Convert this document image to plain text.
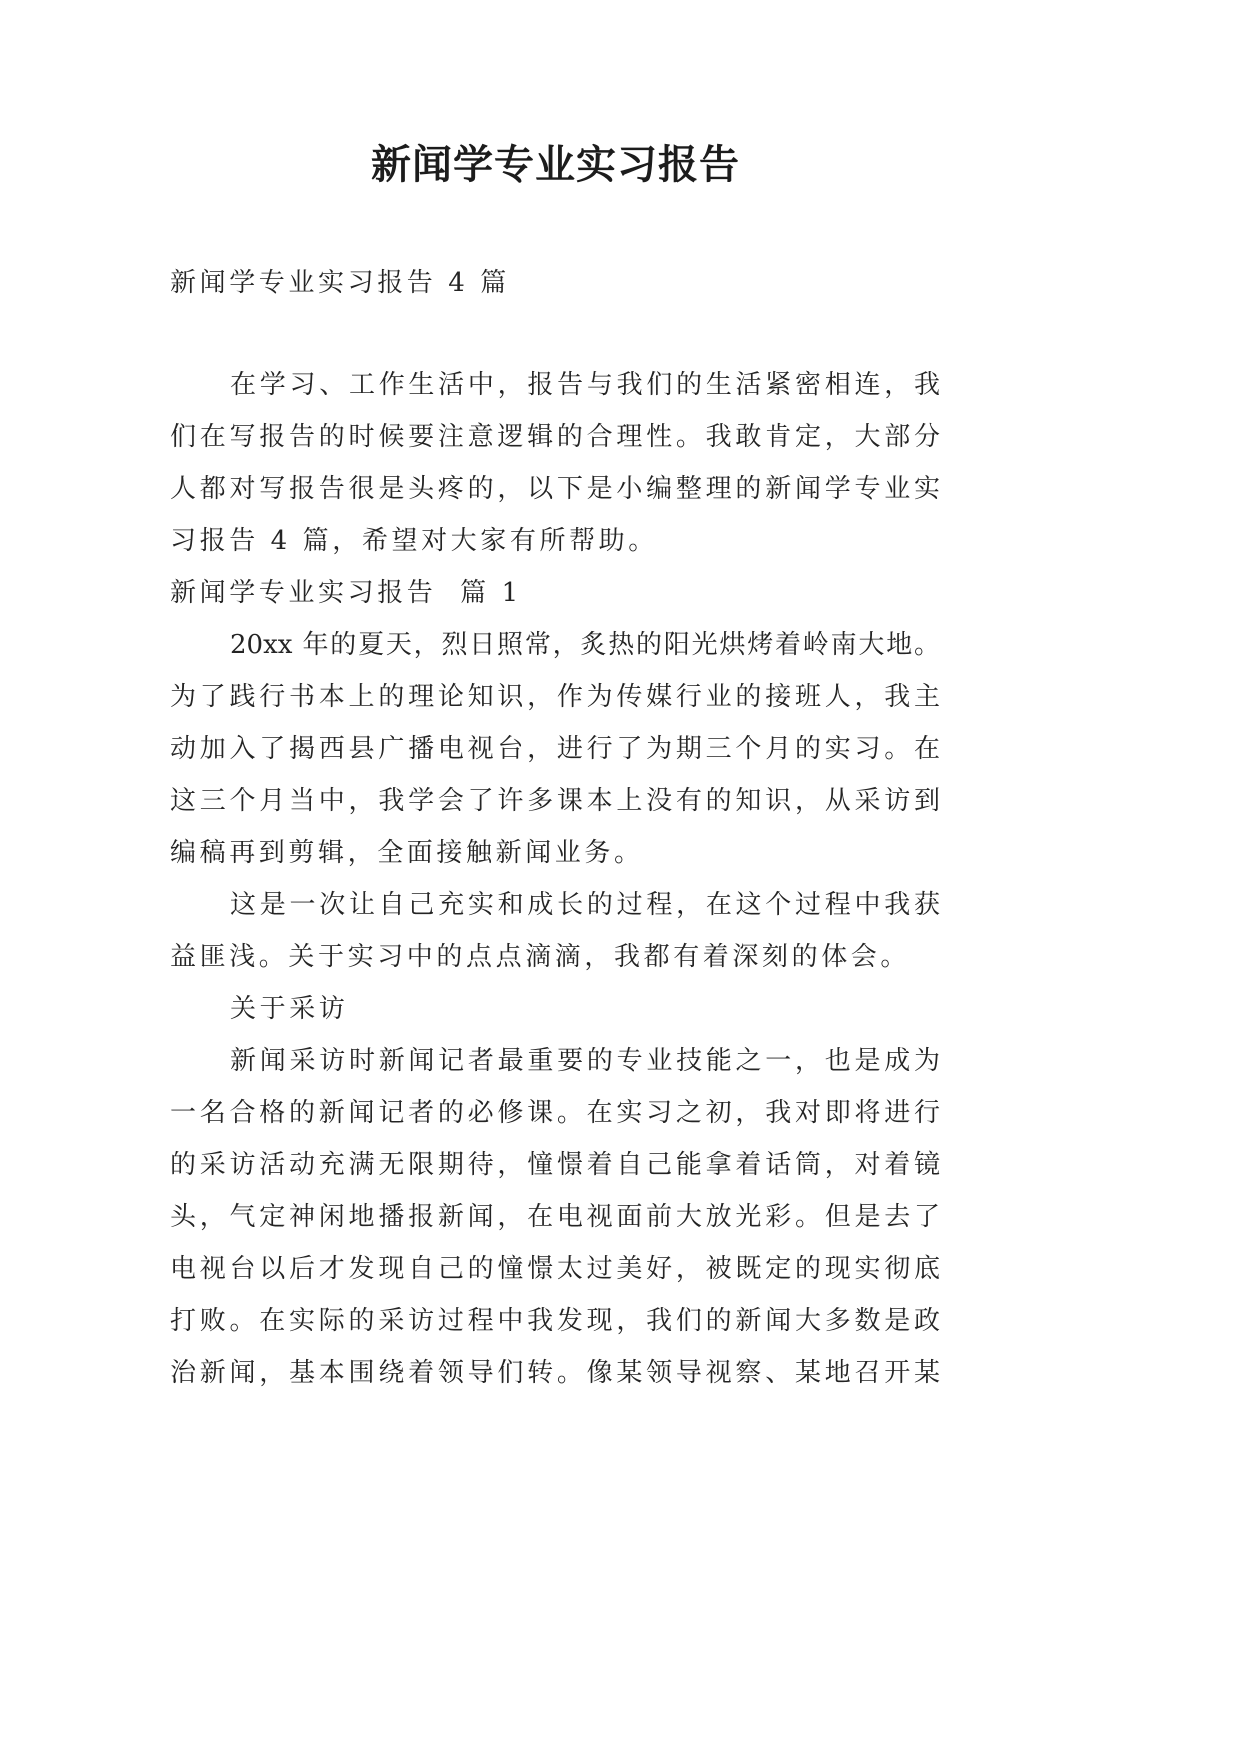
新闻学专业实习报告
新闻学专业实习报告 4 篇
在学习、工作生活中，报告与我们的生活紧密相连，我
们在写报告的时候要注意逻辑的合理性。我敢肯定，大部分
人都对写报告很是头疼的，以下是小编整理的新闻学专业实
习报告 4 篇，希望对大家有所帮助。
新闻学专业实习报告  篇 1
20xx 年的夏天，烈日照常，炙热的阳光烘烤着岭南大地。
为了践行书本上的理论知识，作为传媒行业的接班人，我主
动加入了揭西县广播电视台，进行了为期三个月的实习。在
这三个月当中，我学会了许多课本上没有的知识，从采访到
编稿再到剪辑，全面接触新闻业务。
这是一次让自己充实和成长的过程，在这个过程中我获
益匪浅。关于实习中的点点滴滴，我都有着深刻的体会。
关于采访
新闻采访时新闻记者最重要的专业技能之一，也是成为
一名合格的新闻记者的必修课。在实习之初，我对即将进行
的采访活动充满无限期待，憧憬着自己能拿着话筒，对着镜
头，气定神闲地播报新闻，在电视面前大放光彩。但是去了
电视台以后才发现自己的憧憬太过美好，被既定的现实彻底
打败。在实际的采访过程中我发现，我们的新闻大多数是政
治新闻，基本围绕着领导们转。像某领导视察、某地召开某
